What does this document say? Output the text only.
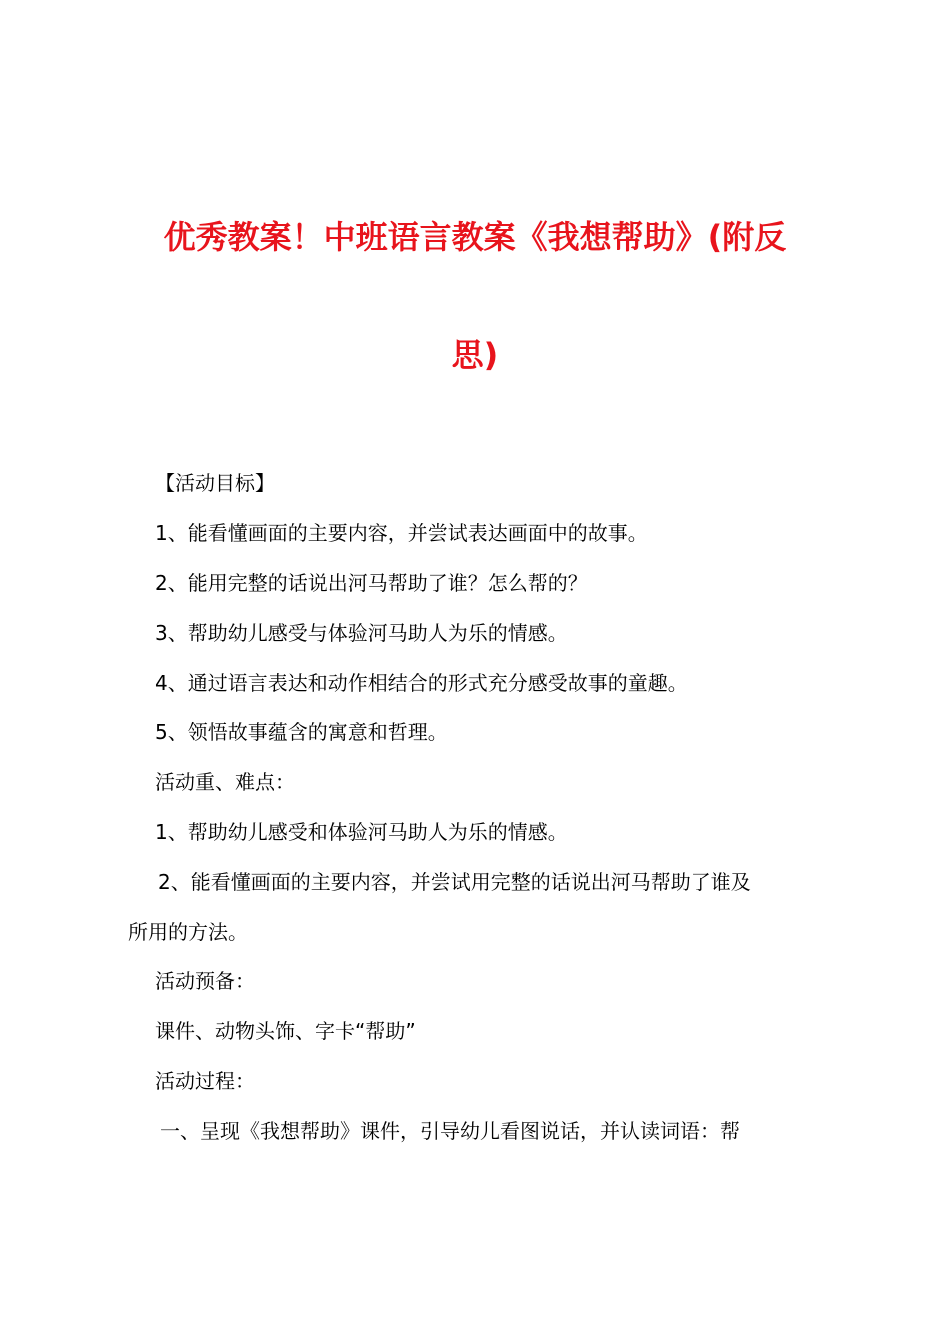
优秀教案！中班语言教案《我想帮助》(附反
思)
【活动目标】
1、能看懂画面的主要内容，并尝试表达画面中的故事。
2、能用完整的话说出河马帮助了谁？怎么帮的？
3、帮助幼儿感受与体验河马助人为乐的情感。
4、通过语言表达和动作相结合的形式充分感受故事的童趣。
5、领悟故事蕴含的寓意和哲理。
活动重、难点：
1、帮助幼儿感受和体验河马助人为乐的情感。
2、能看懂画面的主要内容，并尝试用完整的话说出河马帮助了谁及
所用的方法。
活动预备：
课件、动物头饰、字卡“帮助”
活动过程：
一、呈现《我想帮助》课件，引导幼儿看图说话，并认读词语：帮
